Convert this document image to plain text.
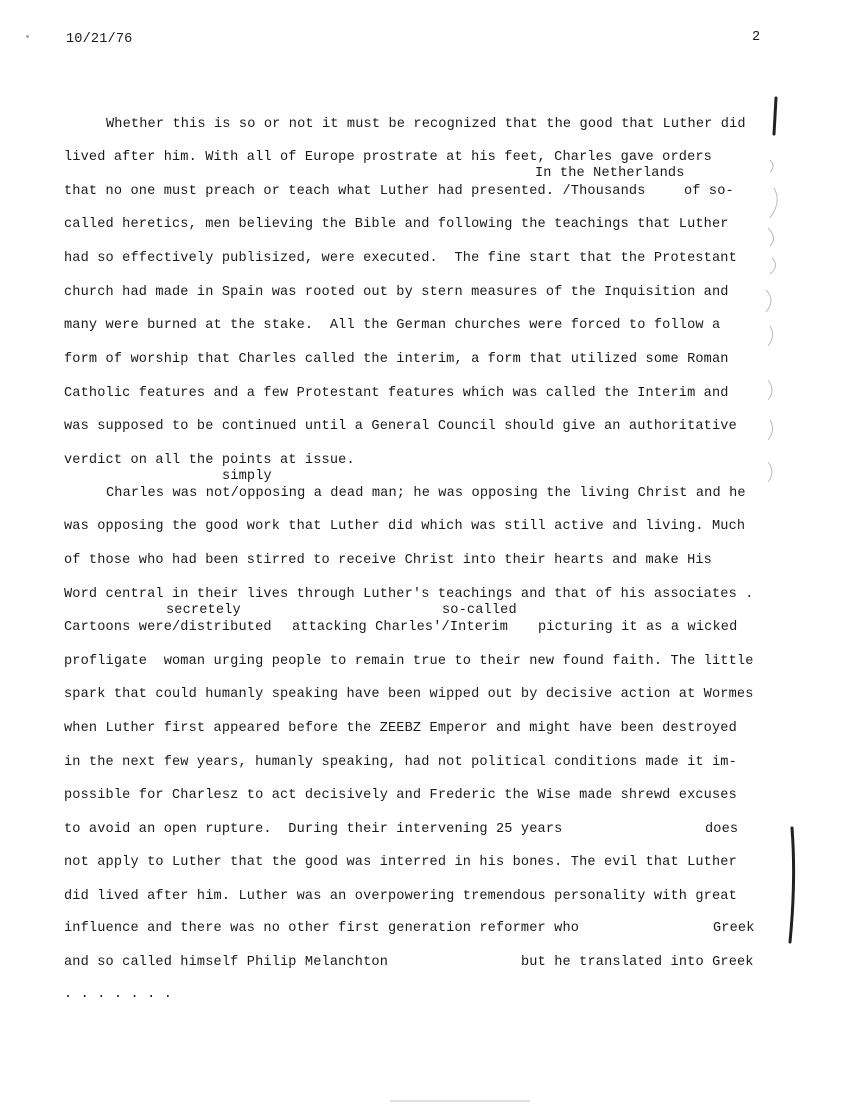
10/21/76	2
Whether this is so or not it must be recognized that the good that Luther did
lived after him. With all of Europe prostrate at his feet, Charles gave orders
In the Netherlands
that no one must preach or teach what Luther had presented. /Thousands	of so-
called heretics, men believing the Bible and following the teachings that Luther
had so effectively publisized, were executed.  The fine start that the Protestant
church had made in Spain was rooted out by stern measures of the Inquisition and
many were burned at the stake.  All the German churches were forced to follow a
form of worship that Charles called the interim, a form that utilized some Roman
Catholic features and a few Protestant features which was called the Interim and
was supposed to be continued until a General Council should give an authoritative
verdict on all the points at issue.
simply
Charles was not/opposing a dead man; he was opposing the living Christ and he
was opposing the good work that Luther did which was still active and living. Much
of those who had been stirred to receive Christ into their hearts and make His
Word central in their lives through Luther's teachings and that of his associates .
secretely	so-called
Cartoons were/distributed attacking Charles'/Interim picturing it as a wicked
profligate  woman urging people to remain true to their new found faith. The little
spark that could humanly speaking have been wipped out by decisive action at Wormes
when Luther first appeared before the ZEEBZ Emperor and might have been destroyed
in the next few years, humanly speaking, had not political conditions made it im-
possible for Charlesz to act decisively and Frederic the Wise made shrewd excuses
to avoid an open rupture.  During their intervening 25 years	does
not apply to Luther that the good was interred in his bones. The evil that Luther
did lived after him. Luther was an overpowering tremendous personality with great
influence and there was no other first generation reformer who	Greek
and so called himself Philip Melanchton	but he translated into Greek
. . . . . . .
